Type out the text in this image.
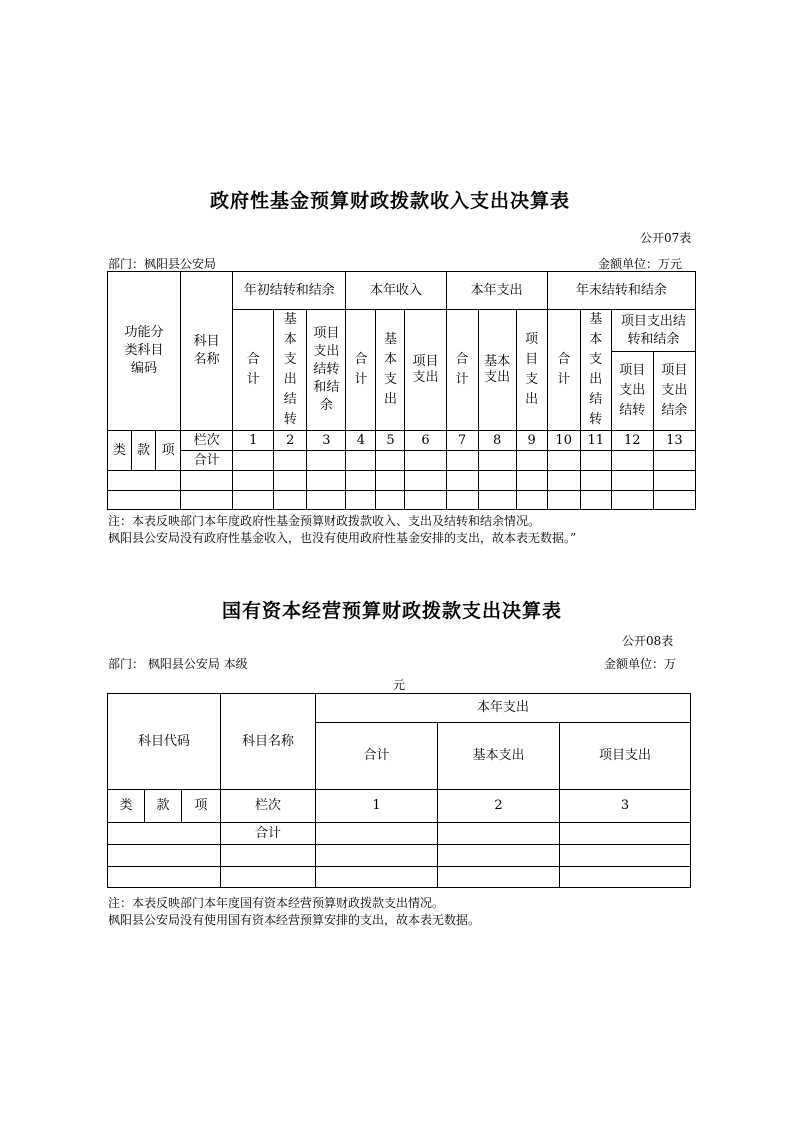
政府性基金预算财政拨款收入支出决算表
公开07表
部门：枫阳县公安局	金额单位：万元
功能分类科目编码			科目名称	年初结转和结余			本年收入			本年支出			年末结转和结余			
				合计	基本支出结转	项目支出结转和结余	合计	基本支出	项目支出	合计	基本支出	项目支出	合计	基本支出结转	项目支出结转和结余	
															项目支出结转	项目支出结余
类	款	项	栏次	1	2	3	4	5	6	7	8	9	10	11	12	13
			合计													

注：本表反映部门本年度政府性基金预算财政拨款收入、支出及结转和结余情况。
枫阳县公安局没有政府性基金收入，也没有使用政府性基金安排的支出，故本表无数据。”
国有资本经营预算财政拨款支出决算表
公开08表
部门： 枫阳县公安局 本级	金额单位：万
元
科目代码			科目名称	本年支出		
				合计	基本支出	项目支出
类	款	项	栏次	1	2	3
			合计			

注：本表反映部门本年度国有资本经营预算财政拨款支出情况。
枫阳县公安局没有使用国有资本经营预算安排的支出，故本表无数据。
